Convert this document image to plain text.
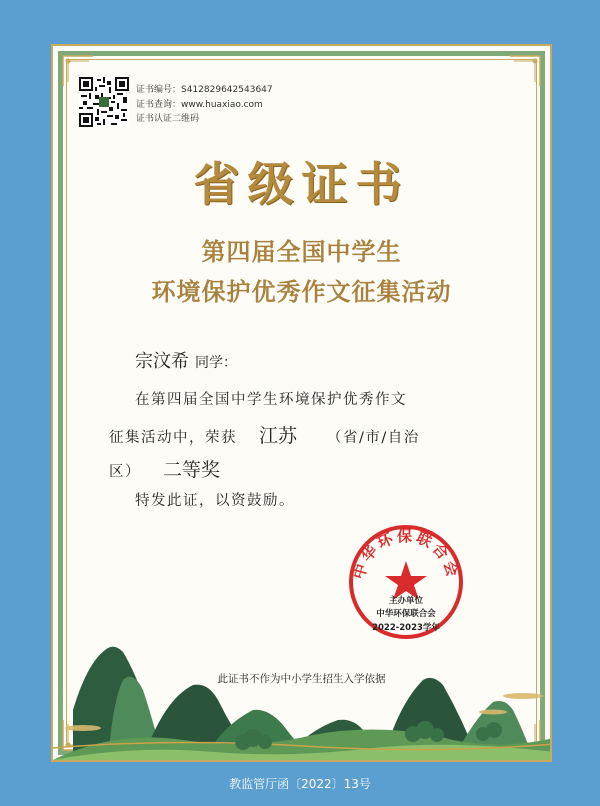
证书编号：S412829642543647
证书查询：www.huaxiao.com
证书认证二维码
省级证书
第四届全国中学生
环境保护优秀作文征集活动
宗汶希 同学：
在第四届全国中学生环境保护优秀作文
征集活动中，荣获 江苏 （省/市/自治
区） 二等奖
特发此证，以资鼓励。
中华环保联合会
主办单位
中华环保联合会
2022-2023学年
此证书不作为中小学生招生入学依据
教监管厅函〔2022〕13号
